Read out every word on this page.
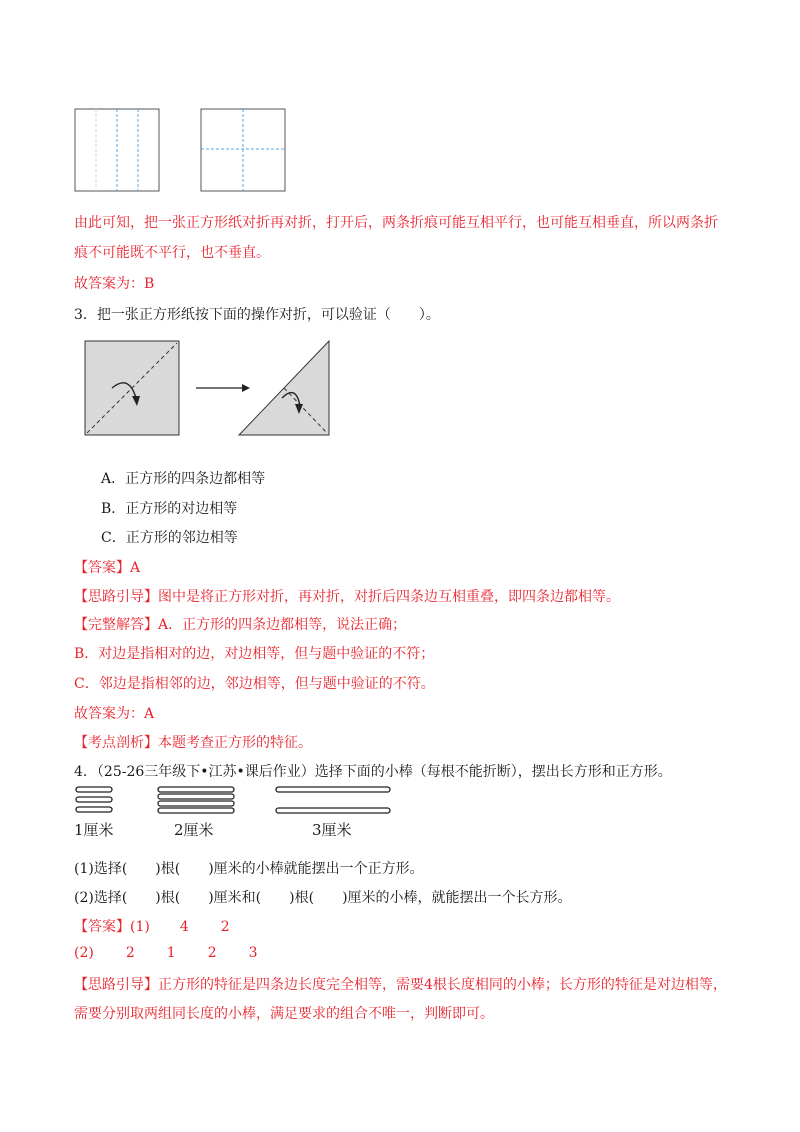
由此可知，把一张正方形纸对折再对折，打开后，两条折痕可能互相平行，也可能互相垂直，所以两条折
痕不可能既不平行，也不垂直。
故答案为：B
3．把一张正方形纸按下面的操作对折，可以验证（　　）。
A．正方形的四条边都相等
B．正方形的对边相等
C．正方形的邻边相等
【答案】A
【思路引导】图中是将正方形对折，再对折，对折后四条边互相重叠，即四条边都相等。
【完整解答】A．正方形的四条边都相等，说法正确；
B．对边是指相对的边，对边相等，但与题中验证的不符；
C．邻边是指相邻的边，邻边相等，但与题中验证的不符。
故答案为：A
【考点剖析】本题考查正方形的特征。
4．（25-26三年级下•江苏•课后作业）选择下面的小棒（每根不能折断），摆出长方形和正方形。
1厘米	2厘米	3厘米
(1)选择(　　)根(　　)厘米的小棒就能摆出一个正方形。
(2)选择(　　)根(　　)厘米和(　　)根(　　)厘米的小棒，就能摆出一个长方形。
【答案】(1) 4 2
(2) 2 1 2 3
【思路引导】正方形的特征是四条边长度完全相等，需要4根长度相同的小棒；长方形的特征是对边相等，
需要分别取两组同长度的小棒，满足要求的组合不唯一，判断即可。
